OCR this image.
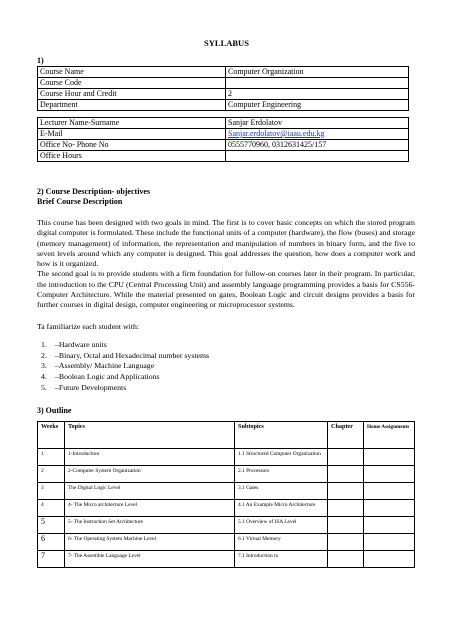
SYLLABUS
1)
Course Name	Computer Organization
Course Code	
Course Hour and Credit	2
Department	Computer Engineering

Lecturer Name-Surname	Sanjar Erdolatov
E-Mail	Sanjar.erdolatov@iaau.edu.kg
Office No- Phone No	0555770960, 0312631425/157
Office Hours	
2) Course Description- objectives
Brief Course Description

This course has been designed with two goals in mind. The first is to cover basic concepts on which the stored program digital computer is formulated. These include the functional units of a computer (hardware), the flow (buses) and storage (memory management) of information, the representation and manipulation of numbers in binary form, and the five to seven levels around which any computer is designed. This goal addresses the question, how does a computer work and how is it organized.

The second goal is to provide students with a firm foundation for follow-on courses later in their program. In particular, the introduction to the CPU (Central Processing Unit) and assembly language programming provides a basis for CS556-Computer Architecture. While the material presented on gates, Boolean Logic and circuit designs provides a basis for further courses in digital design, computer engineering or microprocessor systems.

Ta familiarize each student with:
1. –Hardware units
2. –Binary, Octal and Hexadecimal number systems
3. –Assembly/ Machine Language
4. –Boolean Logic and Applications
5. –Future Developments
3) Outline
Weeks	Topics	Subtopics	Chapter	Home Assignments
1	1-Introduction	1.1 Structured Computer Organization		
2	2-Computer System Organization	2.1 Processors		
3	The Digital Logic Level	3.1 Gates		
4	4- The Micro architecture Level	4.1 An Example Micro Architecture		
5	5- The Instruction Set Architecture	5.1 Overview of ISA Level		
6	6- The Operating System Machine Level	6.1 Virtual Memory		
7	7- The Assemble Language Level	7.1 Introduction to		
